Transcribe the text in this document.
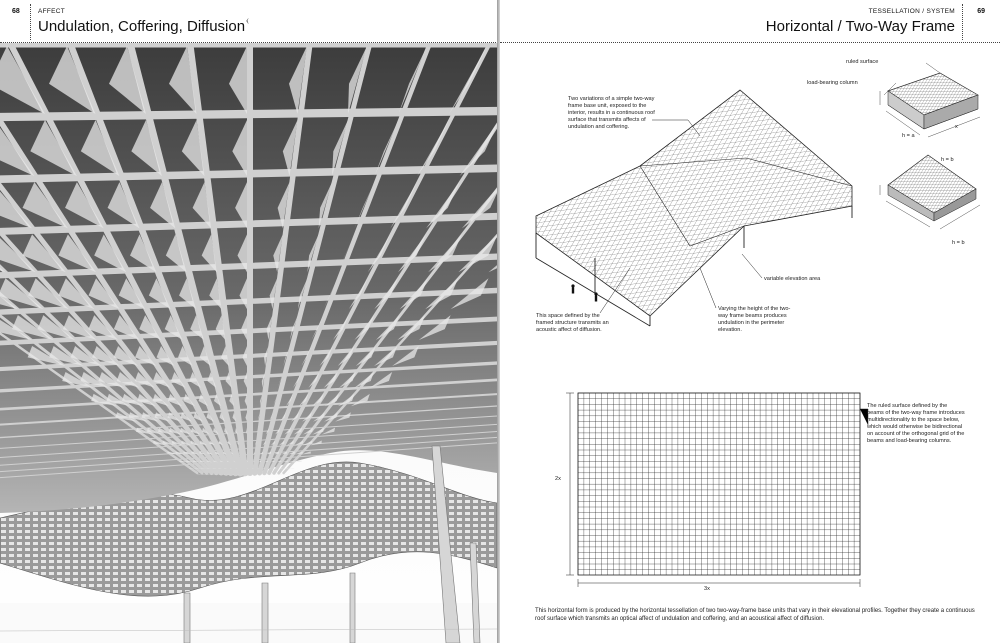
68	AFFECT
Undulation, Coffering, Diffusion⧼
TESSELLATION / SYSTEM
Horizontal / Two-Way Frame
69
Two variations of a simple two-way frame base unit, exposed to the interior, results in a continuous roof surface that transmits affects of undulation and coffering.
This space defined by the framed structure transmits an acoustic affect of diffusion.
Varying the height of the two-way frame beams produces undulation in the perimeter elevation.
variable elevation area
ruled surface
load-bearing column
h = a
h = b
h = b
x
2x
3x
The ruled surface defined by the beams of the two-way frame introduces multidirectionality to the space below, which would otherwise be bidirectional on account of the orthogonal grid of the beams and load-bearing columns.
This horizontal form is produced by the horizontal tessellation of two two-way-frame base units that vary in their elevational profiles. Together they create a continuous roof surface which transmits an optical affect of undulation and coffering, and an acoustical affect of diffusion.
